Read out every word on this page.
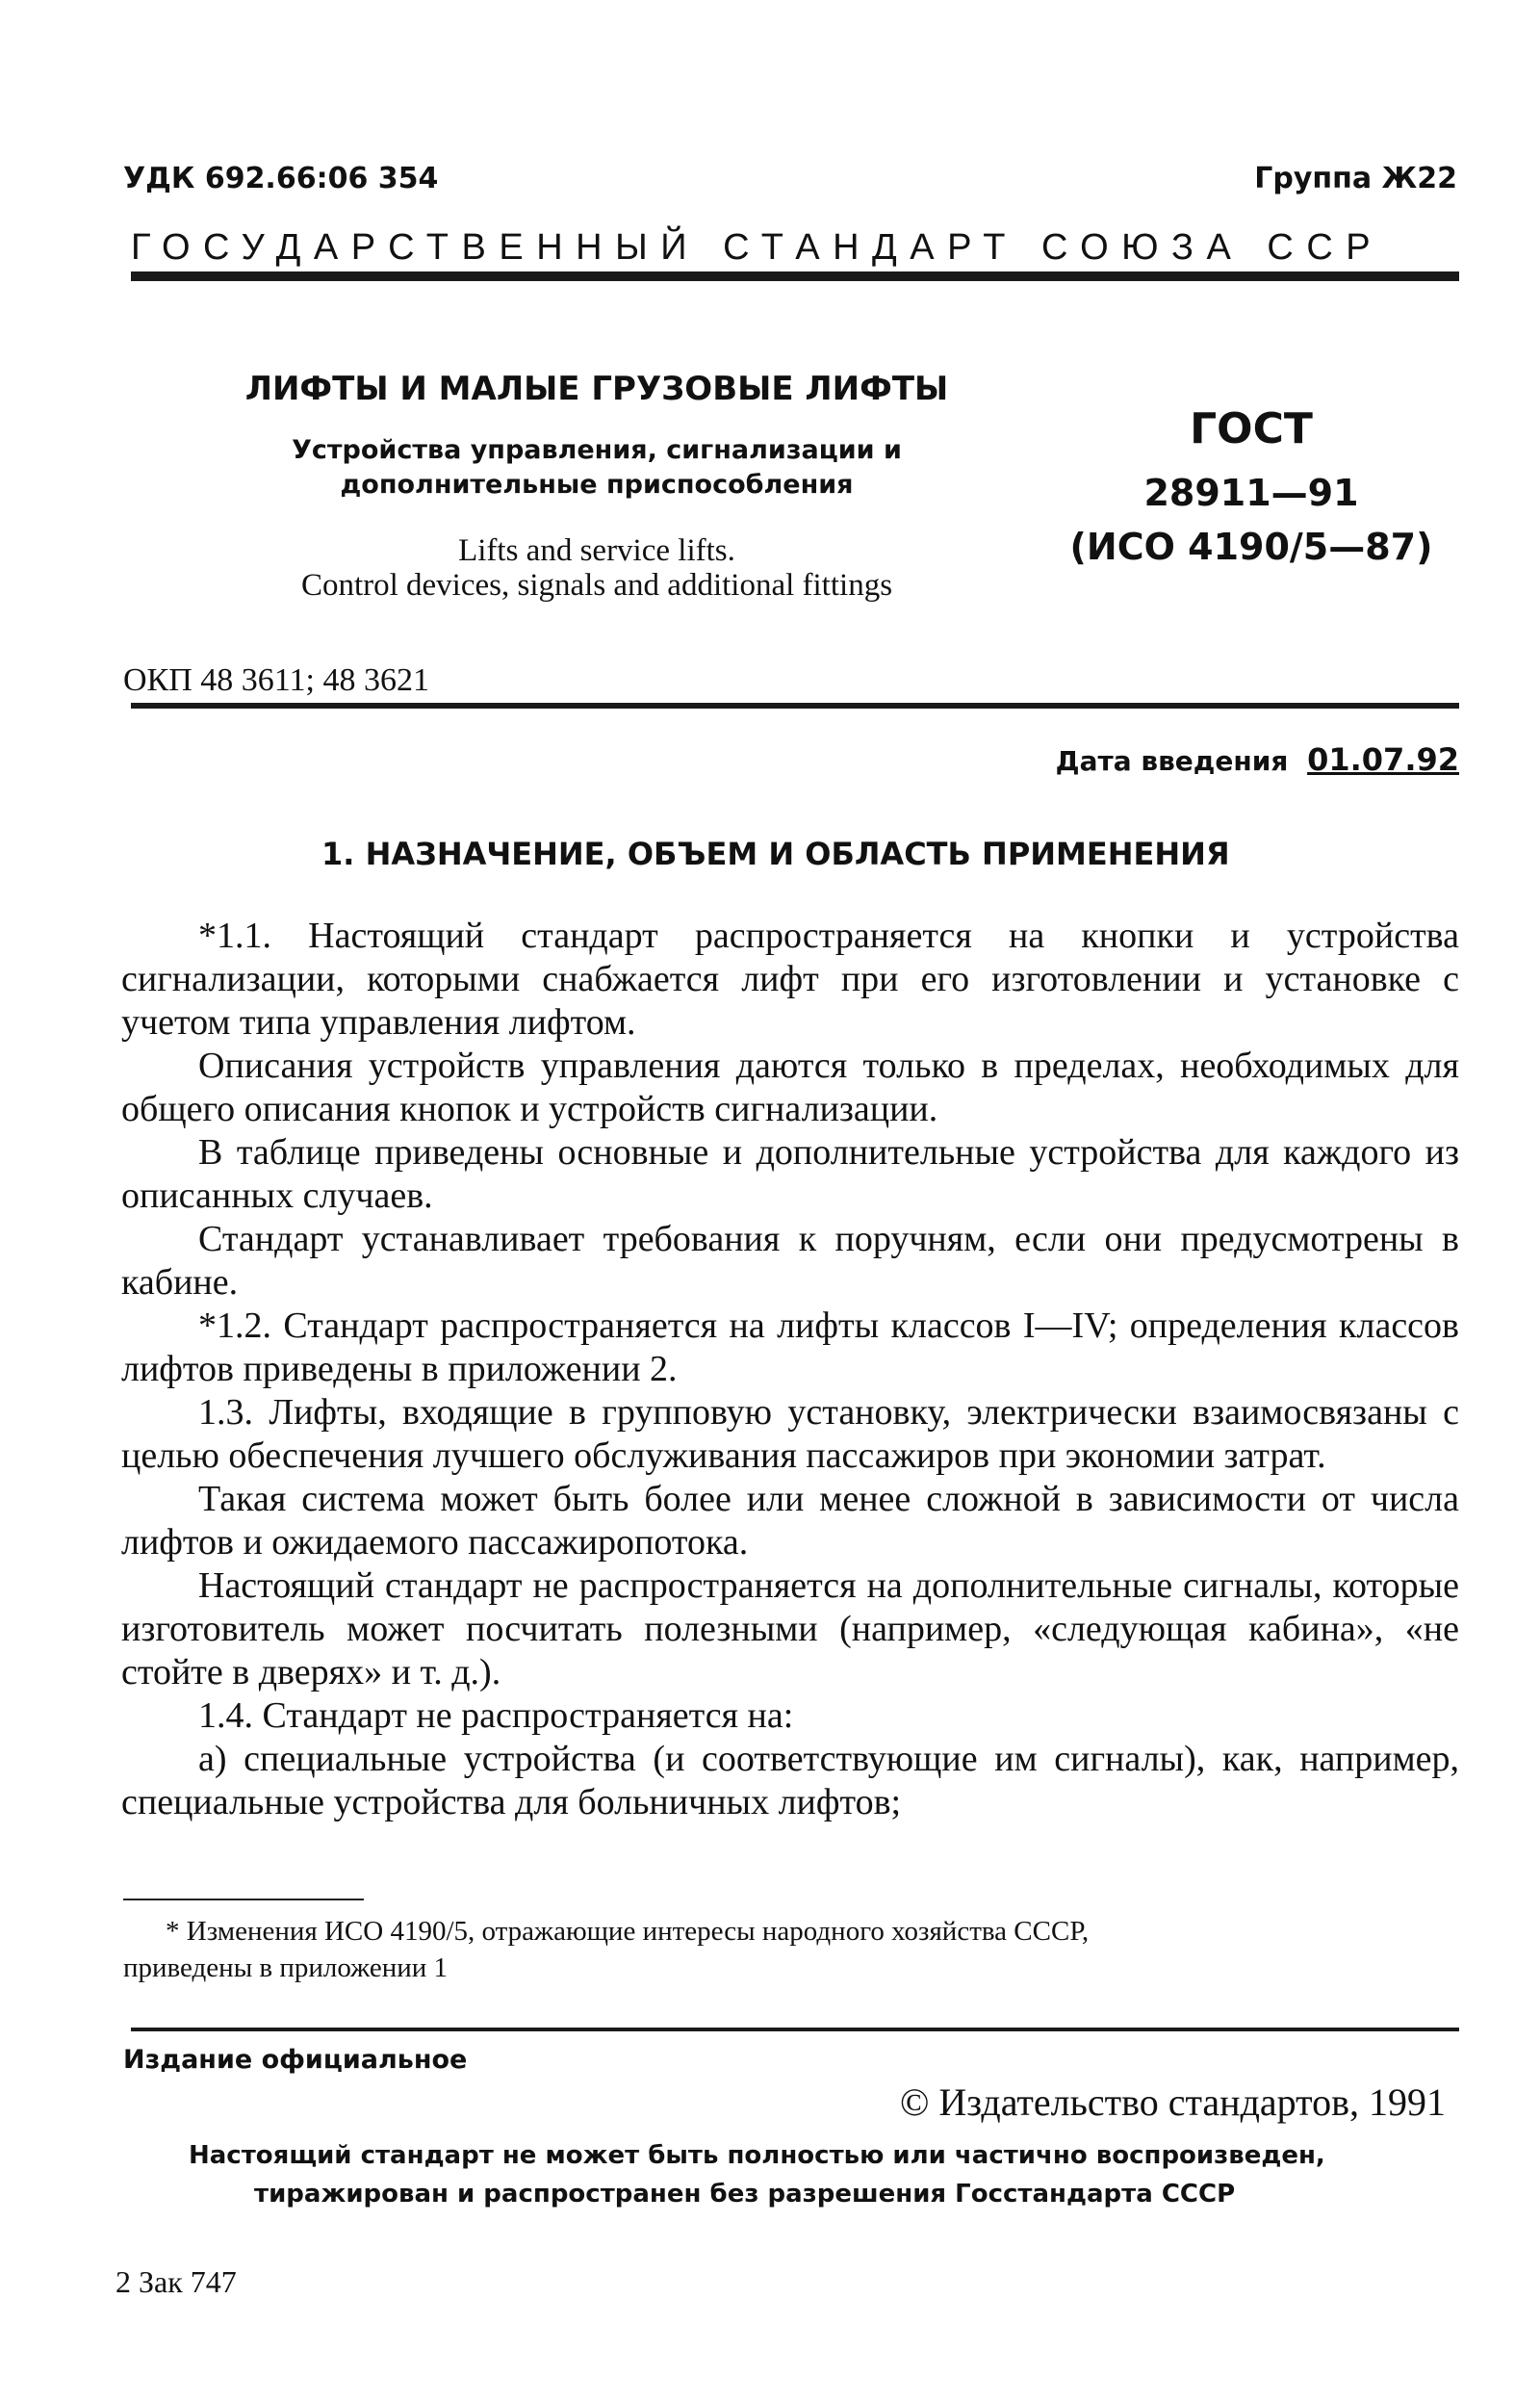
УДК 692.66:06 354	Группа Ж22
ГОСУДАРСТВЕННЫЙ СТАНДАРТ СОЮЗА ССР
ЛИФТЫ И МАЛЫЕ ГРУЗОВЫЕ ЛИФТЫ
Устройства управления, сигнализации и
дополнительные приспособления
Lifts and service lifts.
Control devices, signals and additional fittings
ГОСТ
28911—91
(ИСО 4190/5—87)
ОКП 48 3611; 48 3621
Дата введения 01.07.92
1. НАЗНАЧЕНИЕ, ОБЪЕМ И ОБЛАСТЬ ПРИМЕНЕНИЯ

*1.1. Настоящий стандарт распространяется на кнопки и устройства сигнализации, которыми снабжается лифт при его изготовлении и установке с учетом типа управления лифтом.

Описания устройств управления даются только в пределах, необходимых для общего описания кнопок и устройств сигнализации.

В таблице приведены основные и дополнительные устройства для каждого из описанных случаев.

Стандарт устанавливает требования к поручням, если они предусмотрены в кабине.

*1.2. Стандарт распространяется на лифты классов I—IV; определения классов лифтов приведены в приложении 2.

1.3. Лифты, входящие в групповую установку, электрически взаимосвязаны с целью обеспечения лучшего обслуживания пассажиров при экономии затрат.

Такая система может быть более или менее сложной в зависимости от числа лифтов и ожидаемого пассажиропотока.

Настоящий стандарт не распространяется на дополнительные сигналы, которые изготовитель может посчитать полезными (например, «следующая кабина», «не стойте в дверях» и т. д.).

1.4. Стандарт не распространяется на:

а) специальные устройства (и соответствующие им сигналы), как, например, специальные устройства для больничных лифтов;

* Изменения ИСО 4190/5, отражающие интересы народного хозяйства СССР,
приведены в приложении 1
Издание официальное
© Издательство стандартов, 1991
Настоящий стандарт не может быть полностью или частично воспроизведен,
тиражирован и распространен без разрешения Госстандарта СССР
2 Зак 747
